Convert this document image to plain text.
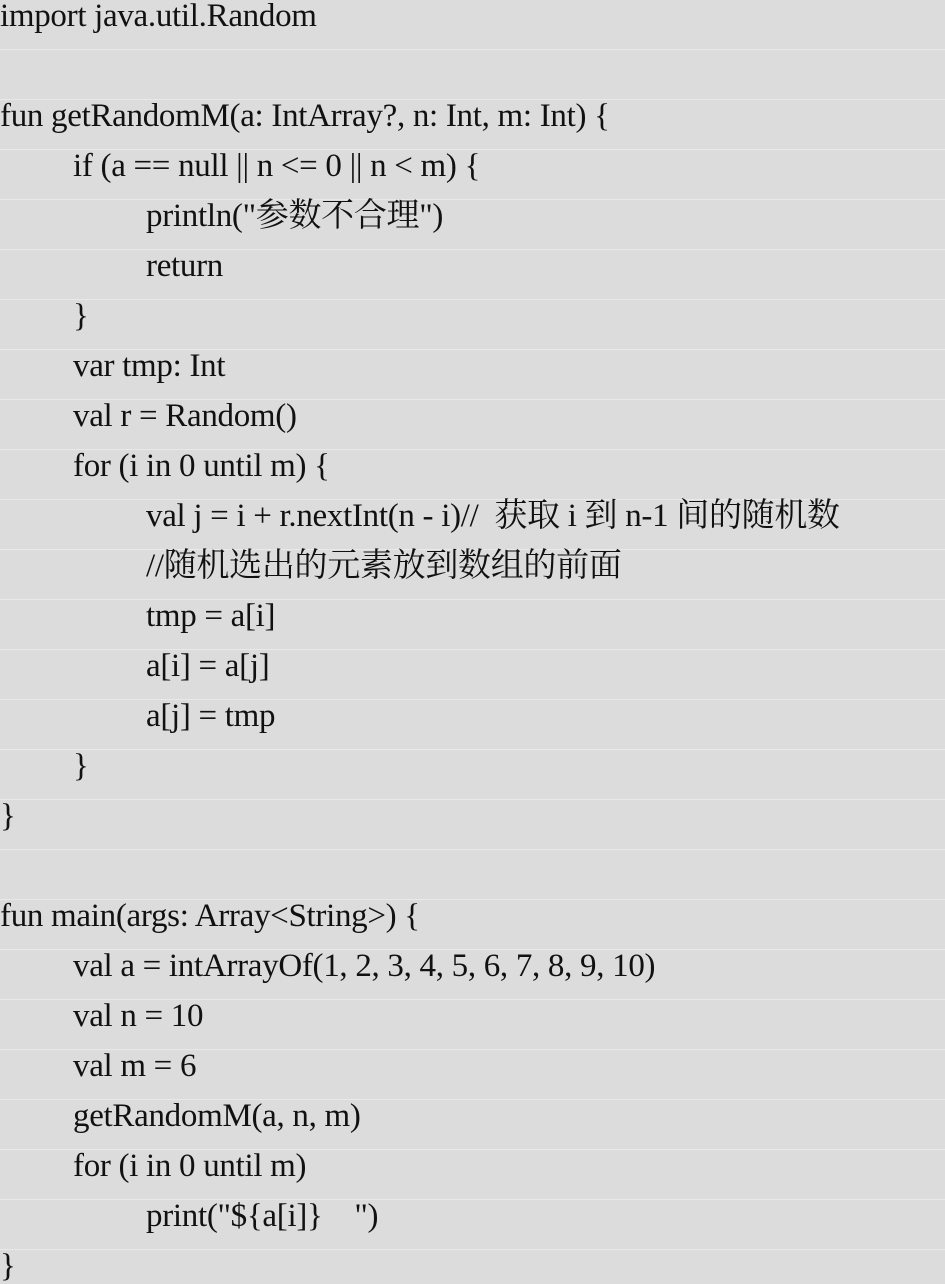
import java.util.Random

fun getRandomM(a: IntArray?, n: Int, m: Int) {

if (a == null || n <= 0 || n < m) {

println("参数不合理")

return

}

var tmp: Int

val r = Random()

for (i in 0 until m) {

val j = i + r.nextInt(n - i)//  获取 i 到 n-1 间的随机数

//随机选出的元素放到数组的前面

tmp = a[i]

a[i] = a[j]

a[j] = tmp

}

}

fun main(args: Array<String>) {

val a = intArrayOf(1, 2, 3, 4, 5, 6, 7, 8, 9, 10)

val n = 10

val m = 6

getRandomM(a, n, m)

for (i in 0 until m)

print("${a[i]}    ")

}
